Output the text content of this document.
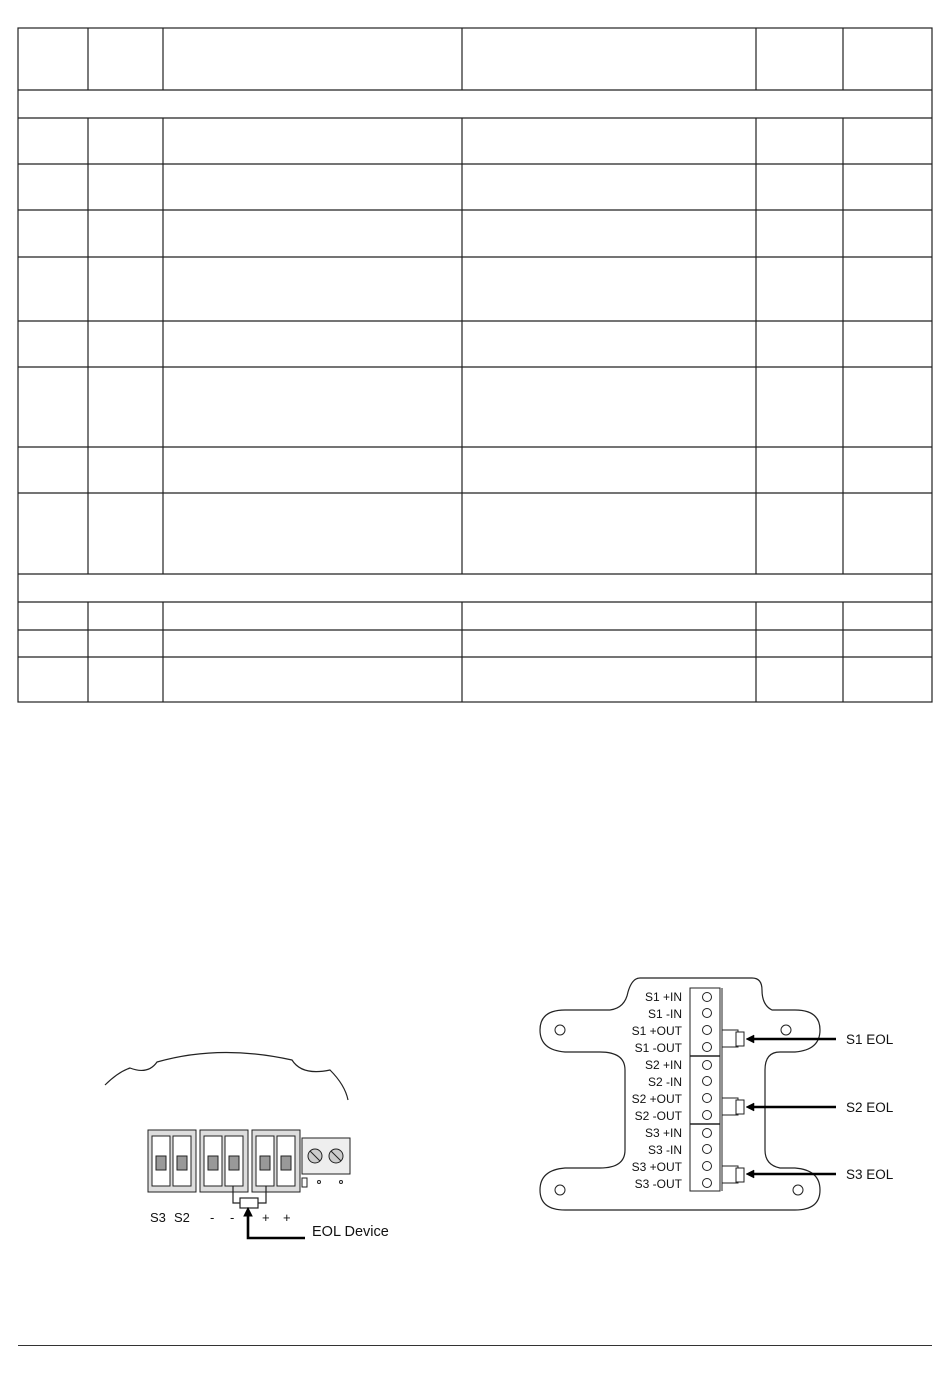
S3 S2 - - + +
EOL Device
S1 +IN
S1 -IN
S1 +OUT
S1 -OUT
S2 +IN
S2 -IN
S2 +OUT
S2 -OUT
S3 +IN
S3 -IN
S3 +OUT
S3 -OUT
S1 EOL
S2 EOL
S3 EOL
